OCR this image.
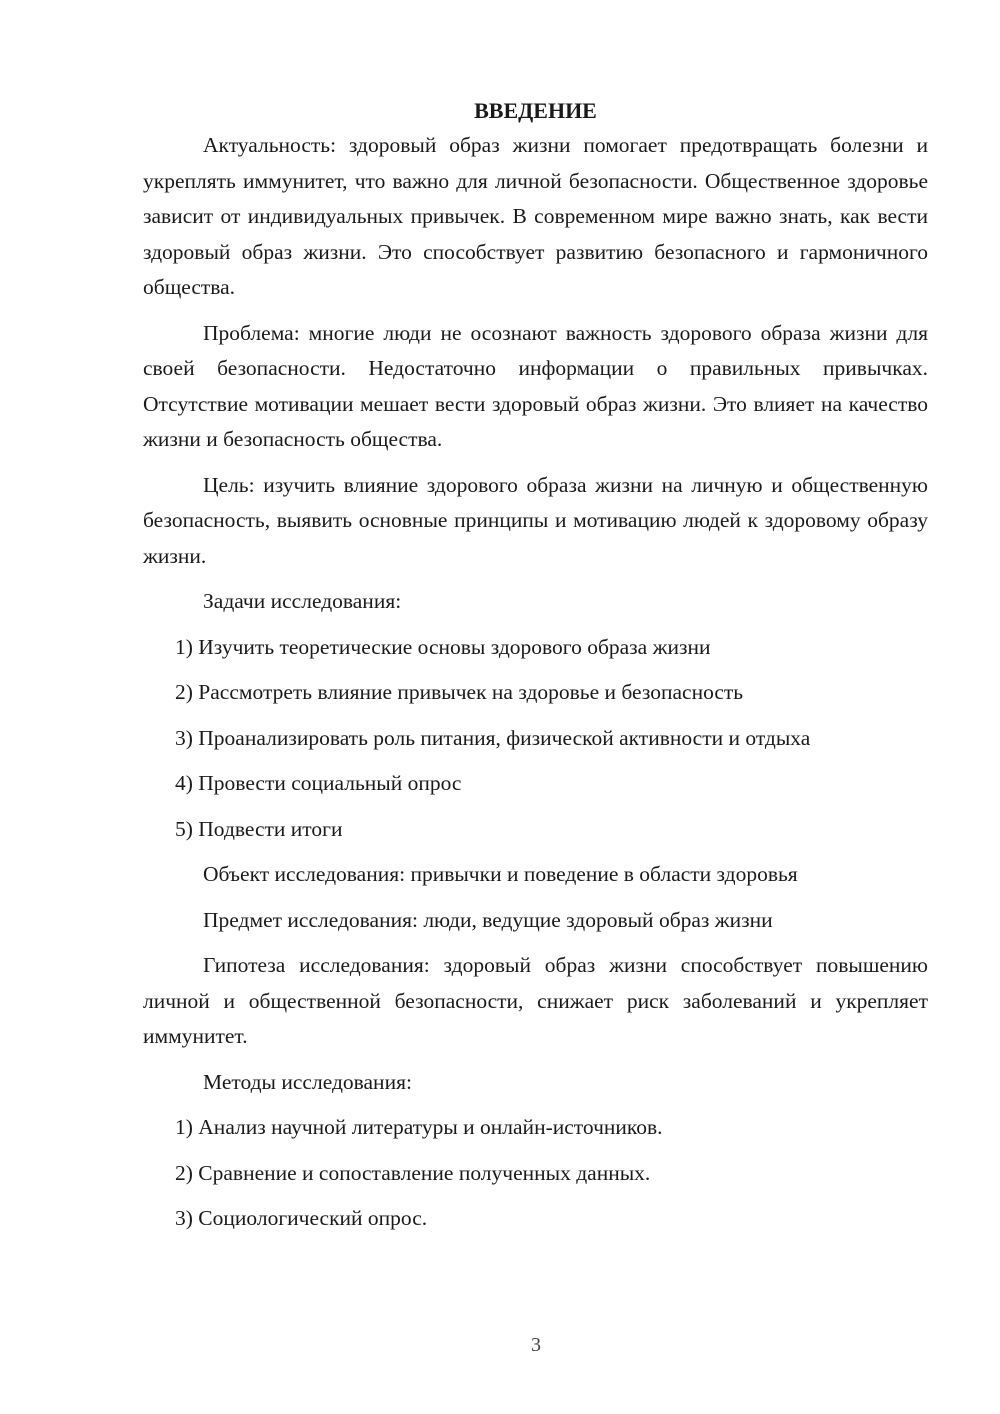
ВВЕДЕНИЕ

Актуальность: здоровый образ жизни помогает предотвращать болезни и укреплять иммунитет, что важно для личной безопасности. Общественное здоровье зависит от индивидуальных привычек. В современном мире важно знать, как вести здоровый образ жизни. Это способствует развитию безопасного и гармоничного общества.

Проблема: многие люди не осознают важность здорового образа жизни для своей безопасности. Недостаточно информации о правильных привычках. Отсутствие мотивации мешает вести здоровый образ жизни. Это влияет на качество жизни и безопасность общества.

Цель: изучить влияние здорового образа жизни на личную и общественную безопасность, выявить основные принципы и мотивацию людей к здоровому образу жизни.

Задачи исследования:

1) Изучить теоретические основы здорового образа жизни

2) Рассмотреть влияние привычек на здоровье и безопасность

3) Проанализировать роль питания, физической активности и отдыха

4) Провести социальный опрос

5) Подвести итоги

Объект исследования: привычки и поведение в области здоровья

Предмет исследования: люди, ведущие здоровый образ жизни

Гипотеза исследования: здоровый образ жизни способствует повышению личной и общественной безопасности, снижает риск заболеваний и укрепляет иммунитет.

Методы исследования:

1) Анализ научной литературы и онлайн-источников.

2) Сравнение и сопоставление полученных данных.

3) Социологический опрос.

3
